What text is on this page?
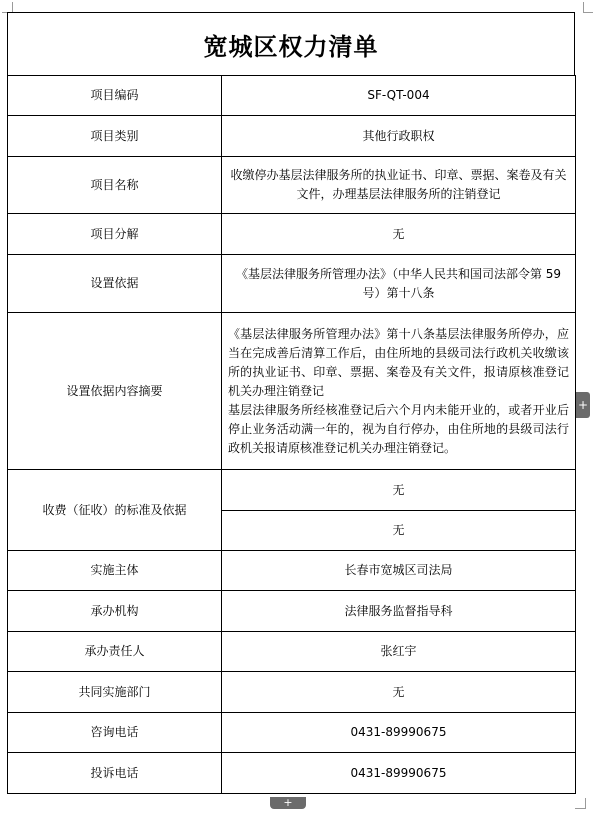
宽城区权力清单
项目编码	SF-QT-004
项目类别	其他行政职权
项目名称	收缴停办基层法律服务所的执业证书、印章、票据、案卷及有关文件，办理基层法律服务所的注销登记
项目分解	无
设置依据	《基层法律服务所管理办法》（中华人民共和国司法部令第 59 号）第十八条
设置依据内容摘要	《基层法律服务所管理办法》第十八条基层法律服务所停办，应当在完成善后清算工作后，由住所地的县级司法行政机关收缴该所的执业证书、印章、票据、案卷及有关文件，报请原核准登记机关办理注销登记
基层法律服务所经核准登记后六个月内未能开业的，或者开业后停止业务活动满一年的，视为自行停办，由住所地的县级司法行政机关报请原核准登记机关办理注销登记。

收费（征收）的标准及依据	无
	无
实施主体	长春市宽城区司法局
承办机构	法律服务监督指导科
承办责任人	张红宇
共同实施部门	无
咨询电话	0431-89990675
投诉电话	0431-89990675
+
+
